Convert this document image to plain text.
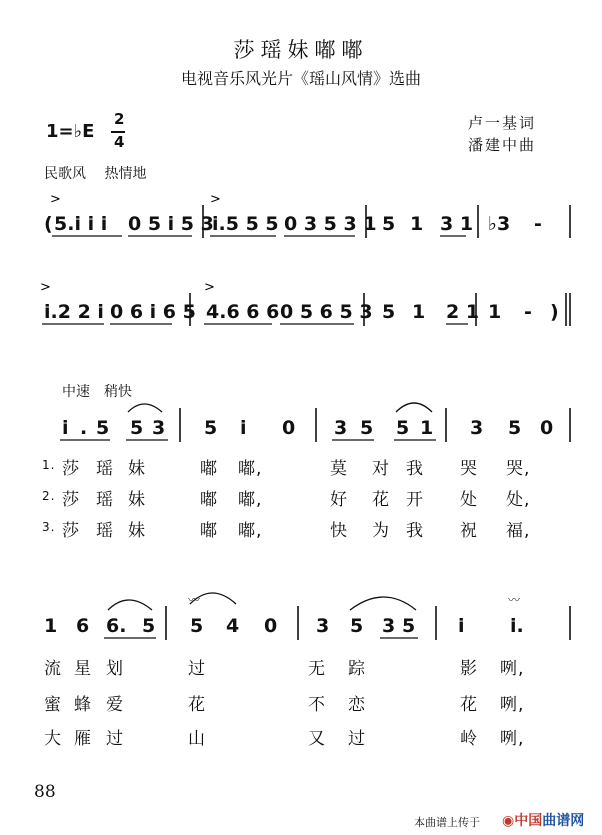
莎瑶妹嘟嘟
电视音乐风光片《瑶山风情》选曲
卢一基词
潘建中曲
1=♭E
2
4
民歌风　 热情地
中速　稍快
( 5.i i i 0 5 i 5 3
i.5 5 5 0 3 5 3 1 5 1 3 1 ♭3 -
>	>
i.2 2 i 0 6 i 6 5 4.6 6 6 0 5 6 5 3 5 1 2 1 1 - )
>	>
i . 5 5 3 5 i 0 3 5 5 1 3 5 0
1 6 6. 5 5 4 0 3 5 3 5 i i.
〰	〰
1. 莎 瑶 妹	嘟 嘟,	莫 对 我 哭 哭,
2. 莎 瑶 妹	嘟 嘟,	好 花 开 处 处,
3. 莎 瑶 妹	嘟 嘟,	快 为 我 祝 福,
流 星 划	过	无 踪	影 咧,
蜜 蜂 爱	花	不 恋	花 咧,
大 雁 过	山	又 过	岭 咧,
88
本曲谱上传于 ◉中国曲谱网
